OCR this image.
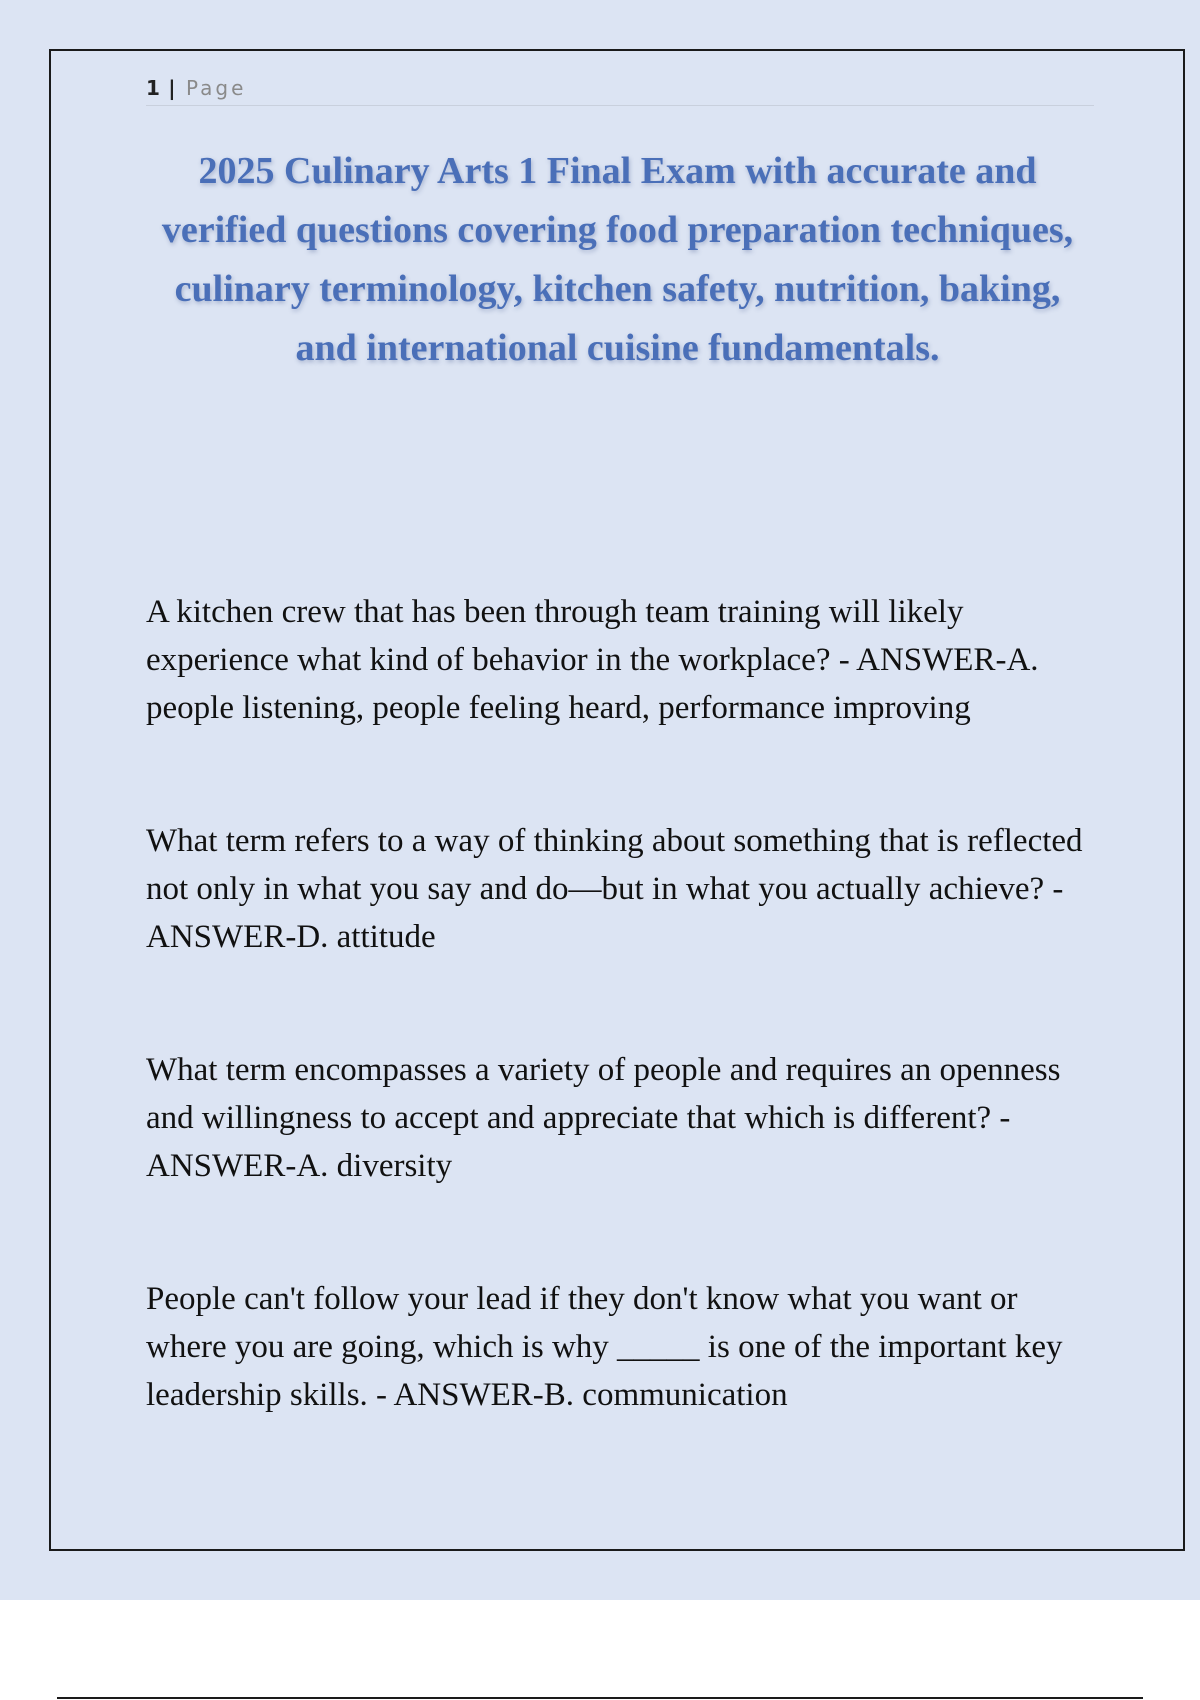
1 | Page
2025 Culinary Arts 1 Final Exam with accurate and verified questions covering food preparation techniques, culinary terminology, kitchen safety, nutrition, baking, and international cuisine fundamentals.

A kitchen crew that has been through team training will likely experience what kind of behavior in the workplace? - ANSWER-A. people listening, people feeling heard, performance improving

What term refers to a way of thinking about something that is reflected not only in what you say and do—but in what you actually achieve? - ANSWER-D. attitude

What term encompasses a variety of people and requires an openness and willingness to accept and appreciate that which is different? - ANSWER-A. diversity

People can't follow your lead if they don't know what you want or where you are going, which is why _____ is one of the important key leadership skills. - ANSWER-B. communication
